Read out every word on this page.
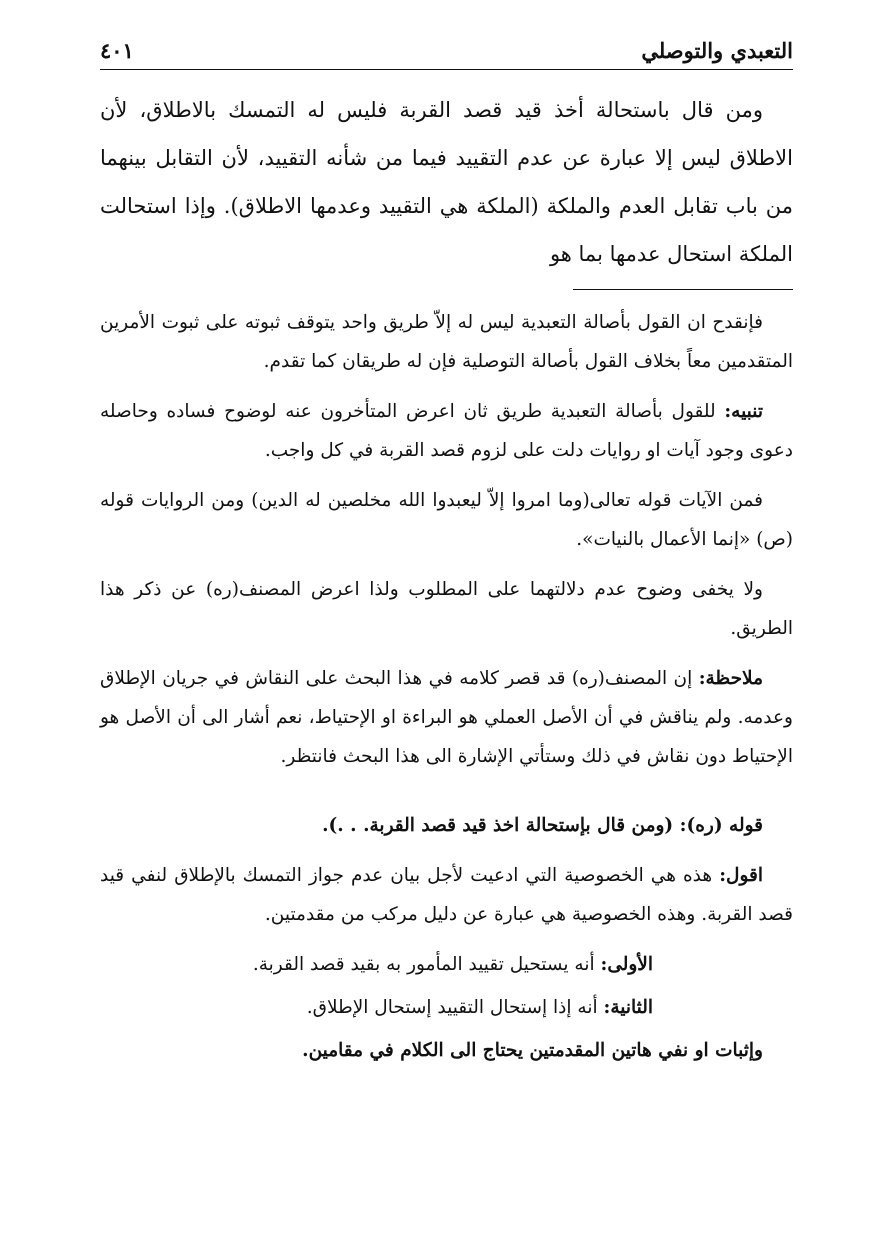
التعبدي والتوصلي
٤٠١

ومن قال باستحالة أخذ قيد قصد القربة فليس له التمسك بالاطلاق، لأن الاطلاق ليس إلا عبارة عن عدم التقييد فيما من شأنه التقييد، لأن التقابل بينهما من باب تقابل العدم والملكة (الملكة هي التقييد وعدمها الاطلاق). وإذا استحالت الملكة استحال عدمها بما هو

فإنقدح ان القول بأصالة التعبدية ليس له إلاّ طريق واحد يتوقف ثبوته على ثبوت الأمرين المتقدمين معاً بخلاف القول بأصالة التوصلية فإن له طريقان كما تقدم.

تنبيه: للقول بأصالة التعبدية طريق ثان اعرض المتأخرون عنه لوضوح فساده وحاصله دعوى وجود آيات او روايات دلت على لزوم قصد القربة في كل واجب.

فمن الآيات قوله تعالى(وما امروا إلاّ ليعبدوا الله مخلصين له الدين) ومن الروايات قوله (ص) «إنما الأعمال بالنيات».

ولا يخفى وضوح عدم دلالتهما على المطلوب ولذا اعرض المصنف(ره) عن ذكر هذا الطريق.

ملاحظة: إن المصنف(ره) قد قصر كلامه في هذا البحث على النقاش في جريان الإطلاق وعدمه. ولم يناقش في أن الأصل العملي هو البراءة او الإحتياط، نعم أشار الى أن الأصل هو الإحتياط دون نقاش في ذلك وستأتي الإشارة الى هذا البحث فانتظر.

قوله (ره): (ومن قال بإستحالة اخذ قيد قصد القربة. . .).

اقول: هذه هي الخصوصية التي ادعيت لأجل بيان عدم جواز التمسك بالإطلاق لنفي قيد قصد القربة. وهذه الخصوصية هي عبارة عن دليل مركب من مقدمتين.

الأولى: أنه يستحيل تقييد المأمور به بقيد قصد القربة.

الثانية: أنه إذا إستحال التقييد إستحال الإطلاق.

وإثبات او نفي هاتين المقدمتين يحتاج الى الكلام في مقامين.
